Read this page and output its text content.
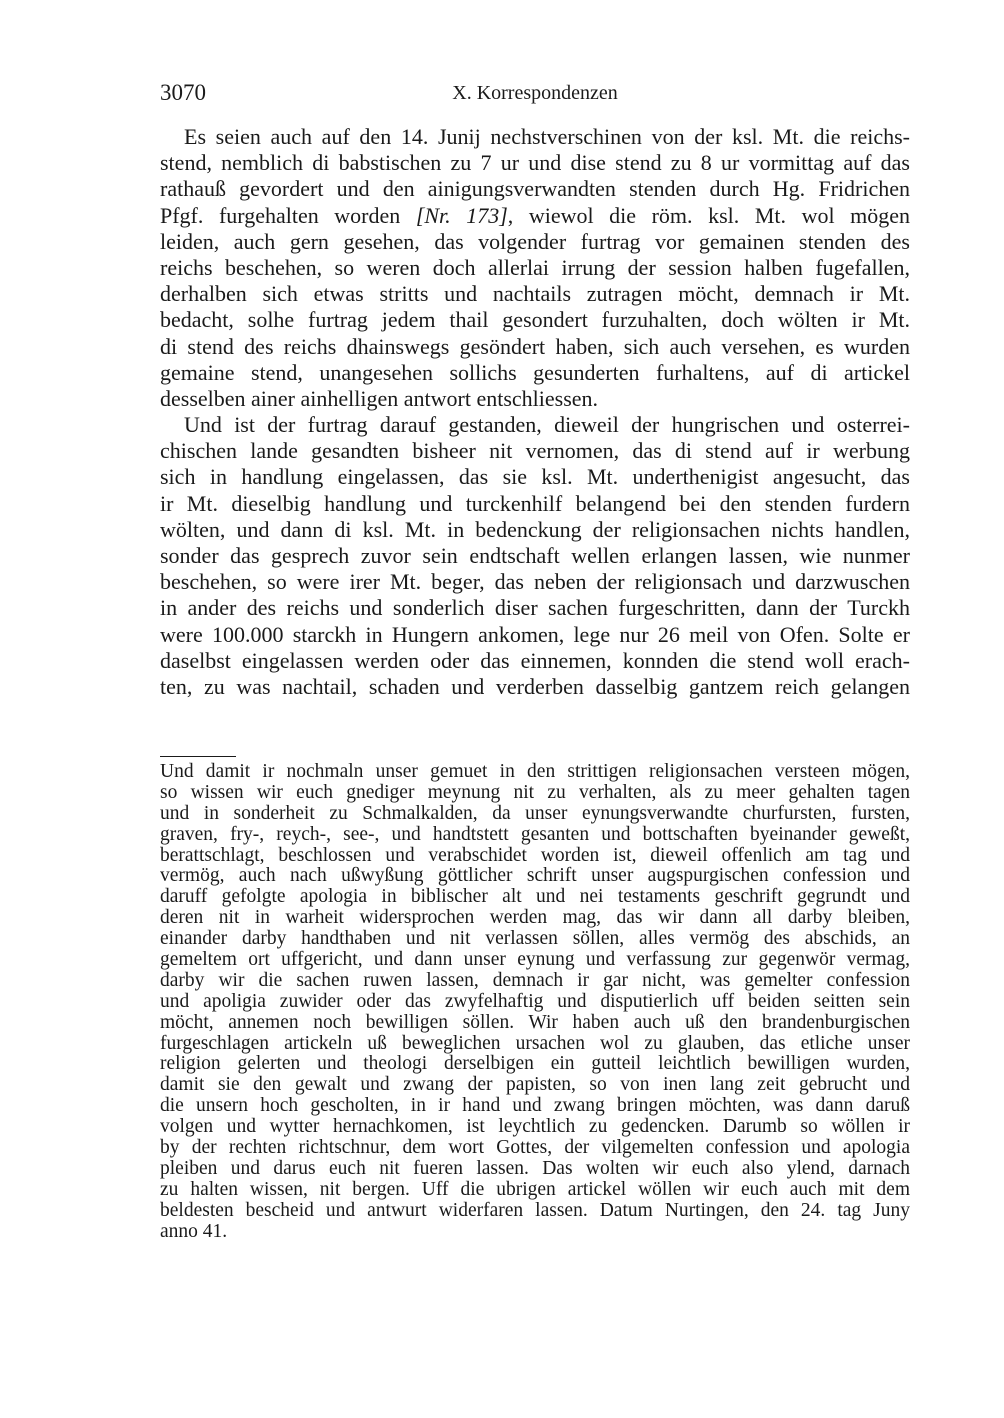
3070	X. Korrespondenzen
Es seien auch auf den 14. Junij nechstverschinen von der ksl. Mt. die reichs-
stend, nemblich di babstischen zu 7 ur und dise stend zu 8 ur vormittag auf das
rathauß gevordert und den ainigungsverwandten stenden durch Hg. Fridrichen
Pfgf. furgehalten worden [Nr. 173], wiewol die röm. ksl. Mt. wol mögen
leiden, auch gern gesehen, das volgender furtrag vor gemainen stenden des
reichs beschehen, so weren doch allerlai irrung der session halben fugefallen,
derhalben sich etwas stritts und nachtails zutragen möcht, demnach ir Mt.
bedacht, solhe furtrag jedem thail gesondert furzuhalten, doch wölten ir Mt.
di stend des reichs dhainswegs gesöndert haben, sich auch versehen, es wurden
gemaine stend, unangesehen sollichs gesunderten furhaltens, auf di artickel
desselben ainer ainhelligen antwort entschliessen.
Und ist der furtrag darauf gestanden, dieweil der hungrischen und osterrei-
chischen lande gesandten bisheer nit vernomen, das di stend auf ir werbung
sich in handlung eingelassen, das sie ksl. Mt. underthenigist angesucht, das
ir Mt. dieselbig handlung und turckenhilf belangend bei den stenden furdern
wölten, und dann di ksl. Mt. in bedenckung der religionsachen nichts handlen,
sonder das gesprech zuvor sein endtschaft wellen erlangen lassen, wie nunmer
beschehen, so were irer Mt. beger, das neben der religionsach und darzwuschen
in ander des reichs und sonderlich diser sachen furgeschritten, dann der Turckh
were 100.000 starckh in Hungern ankomen, lege nur 26 meil von Ofen. Solte er
daselbst eingelassen werden oder das einnemen, konnden die stend woll erach-
ten, zu was nachtail, schaden und verderben dasselbig gantzem reich gelangen
Und damit ir nochmaln unser gemuet in den strittigen religionsachen versteen mögen,
so wissen wir euch gnediger meynung nit zu verhalten, als zu meer gehalten tagen
und in sonderheit zu Schmalkalden, da unser eynungsverwandte churfursten, fursten,
graven, fry-, reych-, see-, und handtstett gesanten und bottschaften byeinander geweßt,
berattschlagt, beschlossen und verabschidet worden ist, dieweil offenlich am tag und
vermög, auch nach ußwyßung göttlicher schrift unser augspurgischen confession und
daruff gefolgte apologia in biblischer alt und nei testaments geschrift gegrundt und
deren nit in warheit widersprochen werden mag, das wir dann all darby bleiben,
einander darby handthaben und nit verlassen söllen, alles vermög des abschids, an
gemeltem ort uffgericht, und dann unser eynung und verfassung zur gegenwör vermag,
darby wir die sachen ruwen lassen, demnach ir gar nicht, was gemelter confession
und apoligia zuwider oder das zwyfelhaftig und disputierlich uff beiden seitten sein
möcht, annemen noch bewilligen söllen. Wir haben auch uß den brandenburgischen
furgeschlagen artickeln uß beweglichen ursachen wol zu glauben, das etliche unser
religion gelerten und theologi derselbigen ein gutteil leichtlich bewilligen wurden,
damit sie den gewalt und zwang der papisten, so von inen lang zeit gebrucht und
die unsern hoch gescholten, in ir hand und zwang bringen möchten, was dann daruß
volgen und wytter hernachkomen, ist leychtlich zu gedencken. Darumb so wöllen ir
by der rechten richtschnur, dem wort Gottes, der vilgemelten confession und apologia
pleiben und darus euch nit fueren lassen. Das wolten wir euch also ylend, darnach
zu halten wissen, nit bergen. Uff die ubrigen artickel wöllen wir euch auch mit dem
beldesten bescheid und antwurt widerfaren lassen. Datum Nurtingen, den 24. tag Juny
anno 41.
